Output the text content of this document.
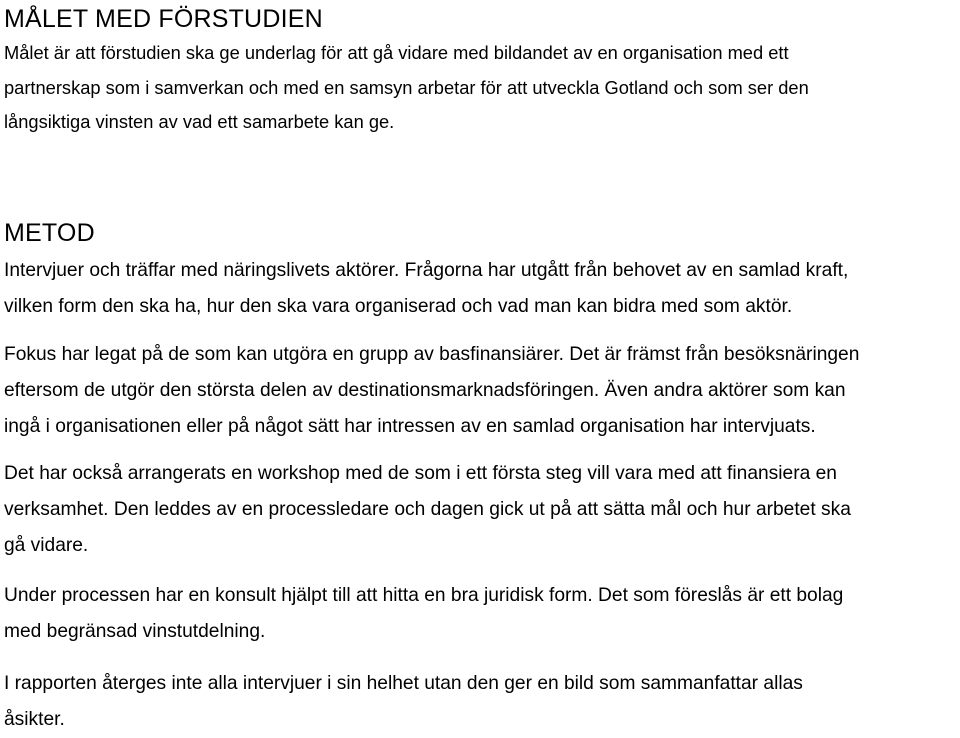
MÅLET MED FÖRSTUDIEN

Målet är att förstudien ska ge underlag för att gå vidare med bildandet av en organisation med ett
partnerskap som i samverkan och med en samsyn arbetar för att utveckla Gotland och som ser den
långsiktiga vinsten av vad ett samarbete kan ge.

METOD

Intervjuer och träffar med näringslivets aktörer. Frågorna har utgått från behovet av en samlad kraft,
vilken form den ska ha, hur den ska vara organiserad och vad man kan bidra med som aktör.

Fokus har legat på de som kan utgöra en grupp av basfinansiärer. Det är främst från besöksnäringen
eftersom de utgör den största delen av destinationsmarknadsföringen. Även andra aktörer som kan
ingå i organisationen eller på något sätt har intressen av en samlad organisation har intervjuats.

Det har också arrangerats en workshop med de som i ett första steg vill vara med att finansiera en
verksamhet. Den leddes av en processledare och dagen gick ut på att sätta mål och hur arbetet ska
gå vidare.

Under processen har en konsult hjälpt till att hitta en bra juridisk form. Det som föreslås är ett bolag
med begränsad vinstutdelning.

I rapporten återges inte alla intervjuer i sin helhet utan den ger en bild som sammanfattar allas
åsikter.
